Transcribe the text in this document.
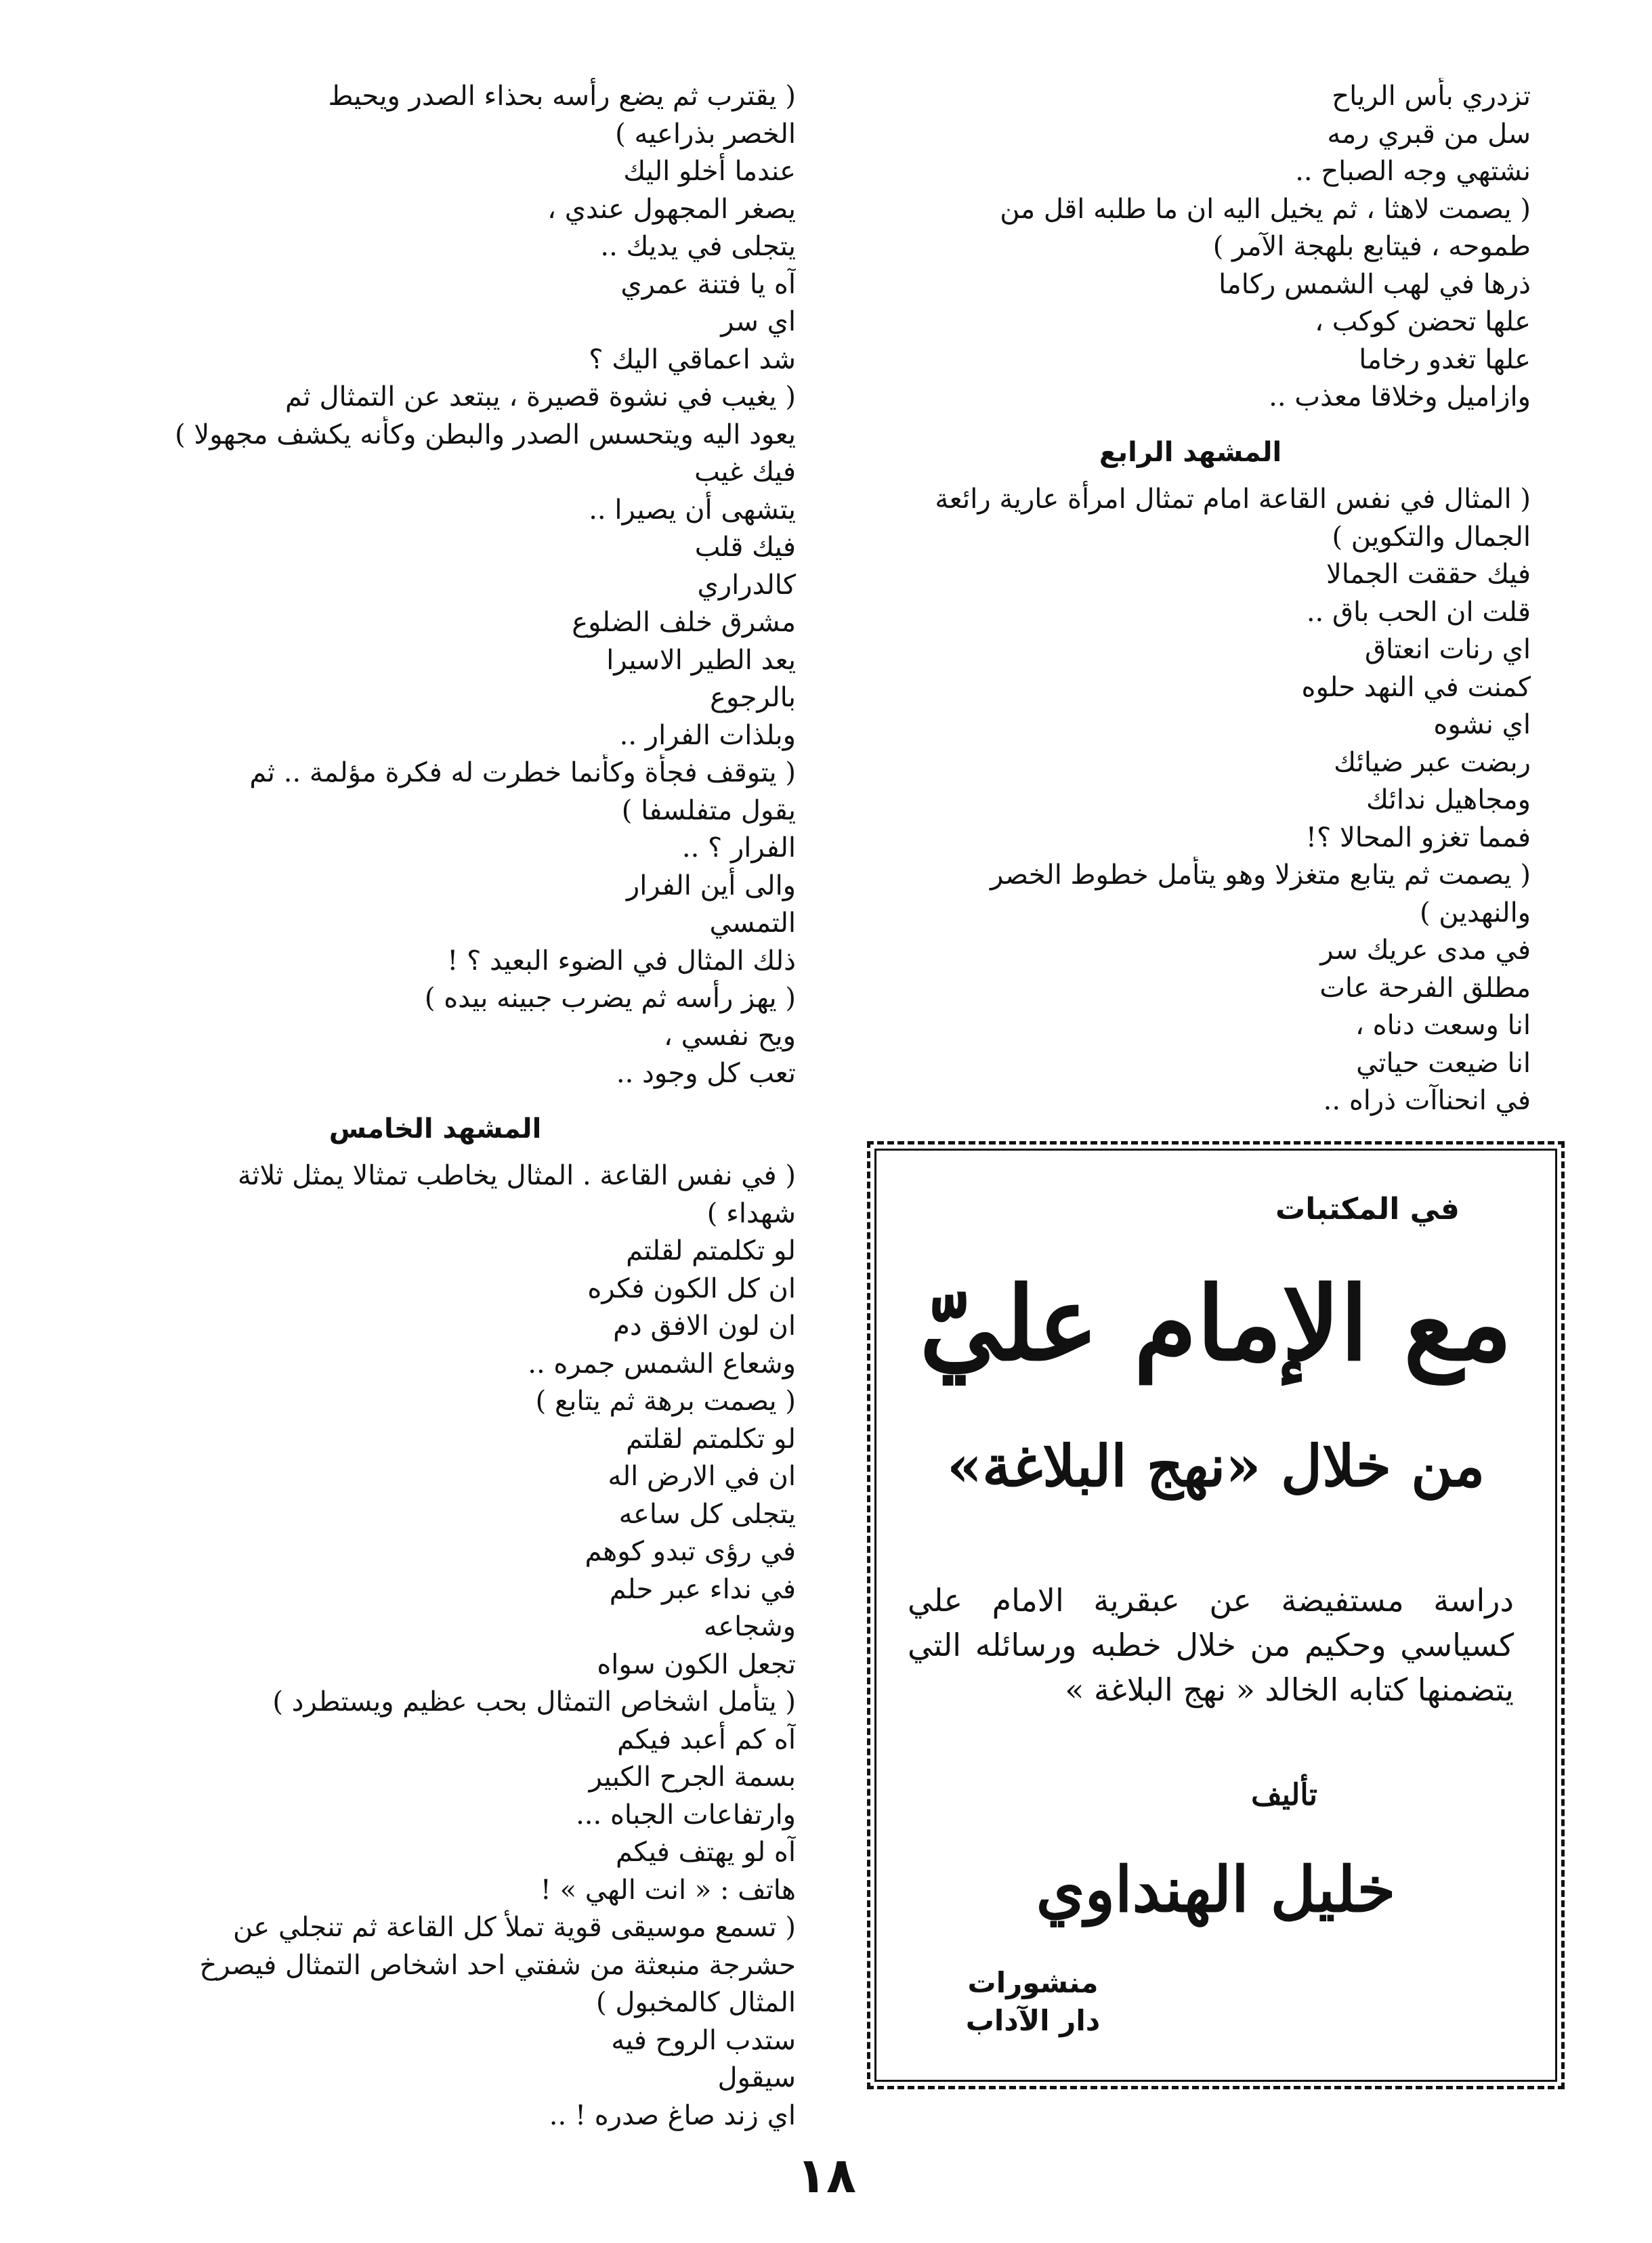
تزدري بأس الرياح
سل من قبري رمه
نشتهي وجه الصباح ..
( يصمت لاهثا ، ثم يخيل اليه ان ما طلبه اقل من
طموحه ، فيتابع بلهجة الآمر )
ذرها في لهب الشمس ركاما
علها تحضن كوكب ،
علها تغدو رخاما
وازاميل وخلاقا معذب ..
المشهد الرابع
( المثال في نفس القاعة امام تمثال امرأة عارية رائعة
الجمال والتكوين )
فيك حققت الجمالا
قلت ان الحب باق ..
اي رنات انعتاق
كمنت في النهد حلوه
اي نشوه
ربضت عبر ضيائك
ومجاهيل ندائك
فمما تغزو المحالا ؟!
( يصمت ثم يتابع متغزلا وهو يتأمل خطوط الخصر
والنهدين )
في مدى عريك سر
مطلق الفرحة عات
انا وسعت دناه ،
انا ضيعت حياتي
في انحناآت ذراه ..
( يقترب ثم يضع رأسه بحذاء الصدر ويحيط
الخصر بذراعيه )
عندما أخلو اليك
يصغر المجهول عندي ،
يتجلى في يديك ..
آه يا فتنة عمري
اي سر
شد اعماقي اليك ؟
( يغيب في نشوة قصيرة ، يبتعد عن التمثال ثم
يعود اليه ويتحسس الصدر والبطن وكأنه يكشف مجهولا )
فيك غيب
يتشهى أن يصيرا ..
فيك قلب
كالدراري
مشرق خلف الضلوع
يعد الطير الاسيرا
بالرجوع
وبلذات الفرار ..
( يتوقف فجأة وكأنما خطرت له فكرة مؤلمة .. ثم
يقول متفلسفا )
الفرار ؟ ..
والى أين الفرار
التمسي
ذلك المثال في الضوء البعيد ؟ !
( يهز رأسه ثم يضرب جبينه بيده )
ويح نفسي ،
تعب كل وجود ..
المشهد الخامس
( في نفس القاعة . المثال يخاطب تمثالا يمثل ثلاثة
شهداء )
لو تكلمتم لقلتم
ان كل الكون فكره
ان لون الافق دم
وشعاع الشمس جمره ..
( يصمت برهة ثم يتابع )
لو تكلمتم لقلتم
ان في الارض اله
يتجلى كل ساعه
في رؤى تبدو كوهم
في نداء عبر حلم
وشجاعه
تجعل الكون سواه
( يتأمل اشخاص التمثال بحب عظيم ويستطرد )
آه كم أعبد فيكم
بسمة الجرح الكبير
وارتفاعات الجباه ...
آه لو يهتف فيكم
هاتف : « انت الهي » !
( تسمع موسيقى قوية تملأ كل القاعة ثم تنجلي عن
حشرجة منبعثة من شفتي احد اشخاص التمثال فيصرخ
المثال كالمخبول )
ستدب الروح فيه
سيقول
اي زند صاغ صدره ! ..
في المكتبات
مع الإمام عليّ
من خلال «نهج البلاغة»
دراسة مستفيضة عن عبقرية الامام علي
كسياسي وحكيم من خلال خطبه ورسائله التي
يتضمنها كتابه الخالد « نهج البلاغة »
تأليف
خليل الهنداوي
منشورات
دار الآداب
١٨
